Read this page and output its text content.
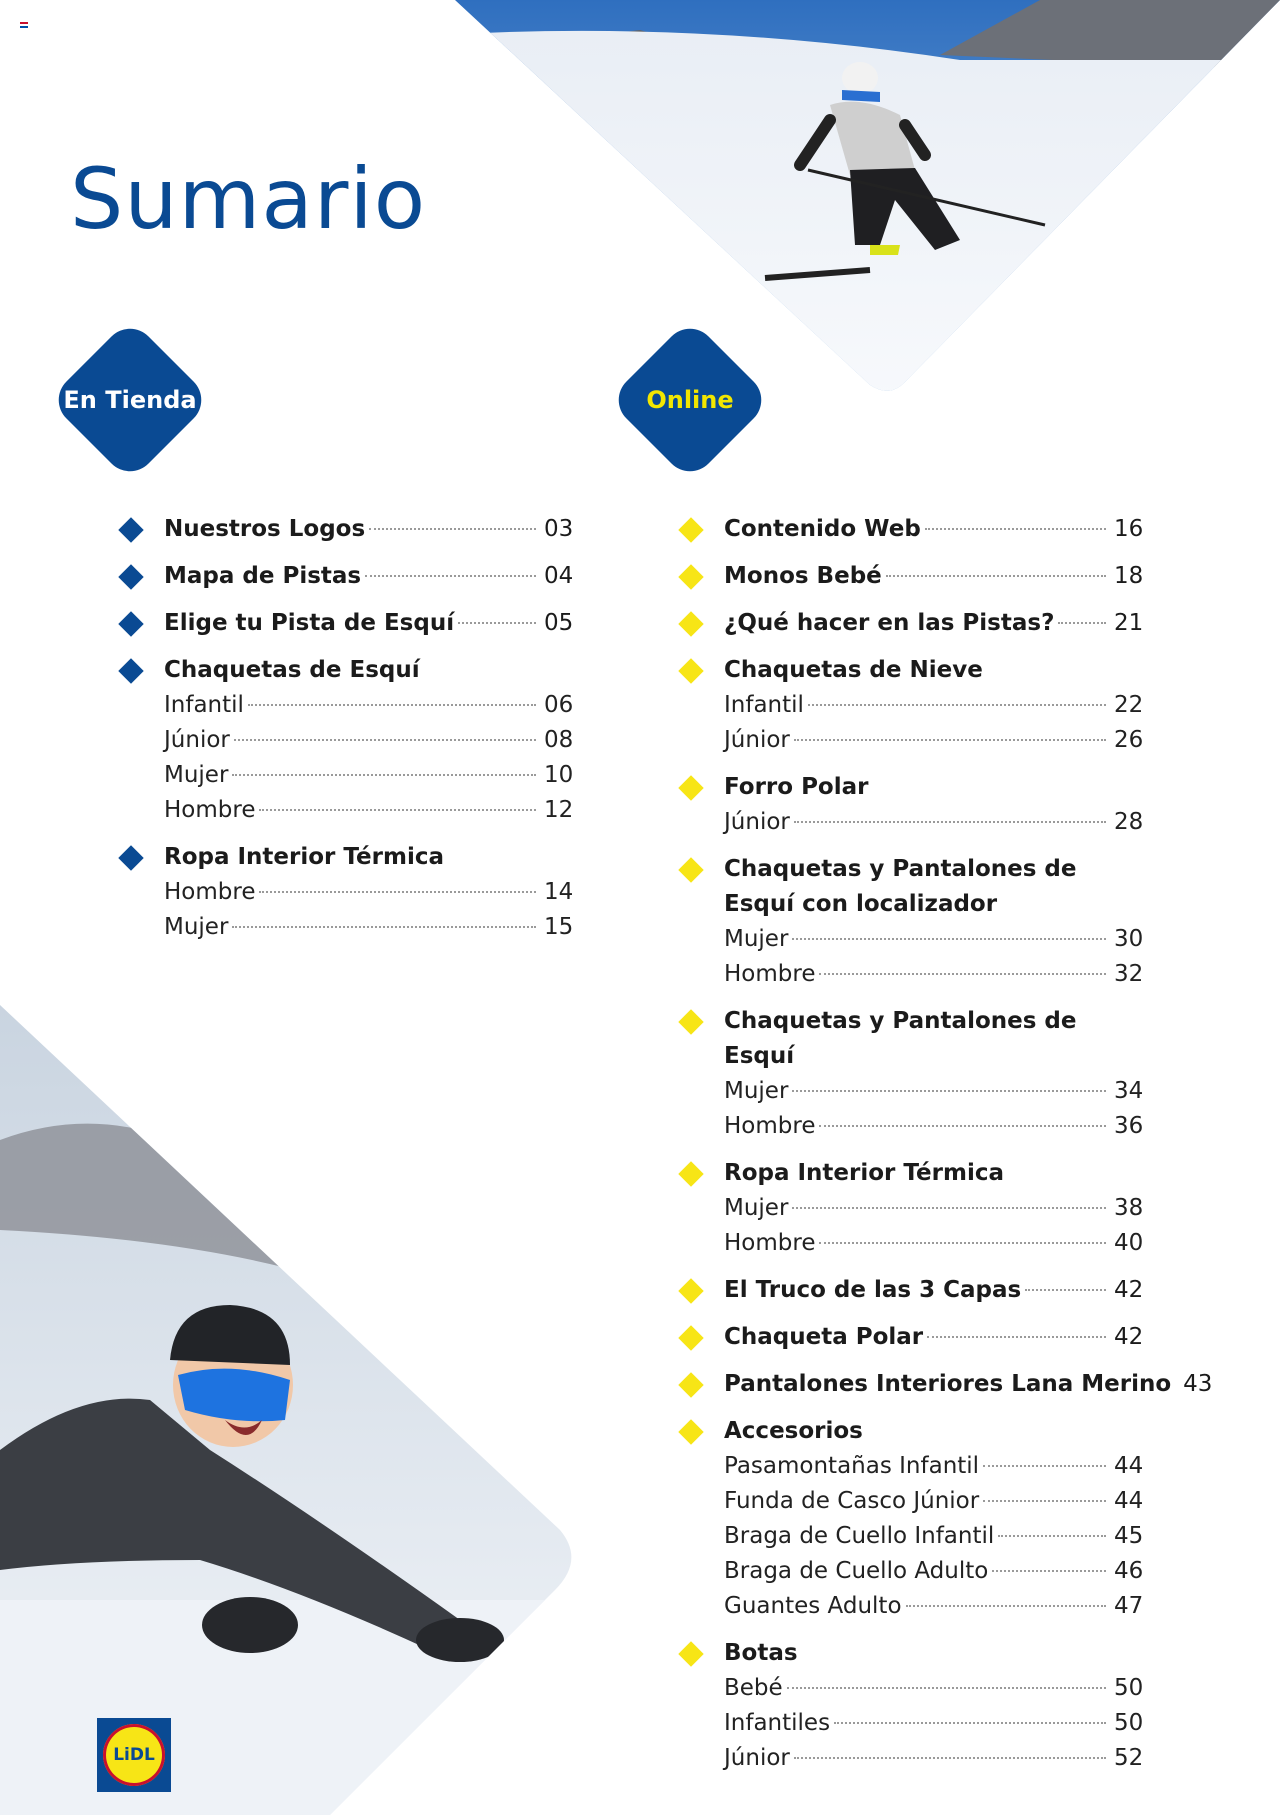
Sumario
En Tienda	Online
Nuestros Logos	03
Mapa de Pistas	04
Elige tu Pista de Esquí	05
Chaquetas de Esquí
Infantil	06
Júnior	08
Mujer	10
Hombre	12
Ropa Interior Térmica
Hombre	14
Mujer	15
Contenido Web	16
Monos Bebé	18
¿Qué hacer en las Pistas?	21
Chaquetas de Nieve
Infantil	22
Júnior	26
Forro Polar
Júnior	28
Chaquetas y Pantalones de Esquí con localizador
Mujer	30
Hombre	32
Chaquetas y Pantalones de Esquí
Mujer	34
Hombre	36
Ropa Interior Térmica
Mujer	38
Hombre	40
El Truco de las 3 Capas	42
Chaqueta Polar	42
Pantalones Interiores Lana Merino 43
Accesorios
Pasamontañas Infantil	44
Funda de Casco Júnior	44
Braga de Cuello Infantil	45
Braga de Cuello Adulto	46
Guantes Adulto	47
Botas
Bebé	50
Infantiles	50
Júnior	52
LiDL
